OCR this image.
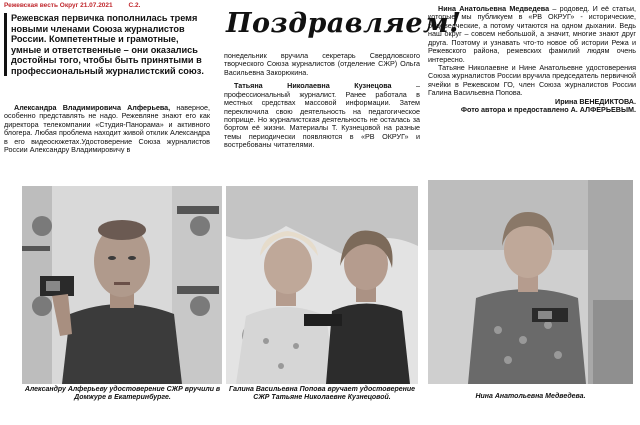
Режевская весть Округ 21.07.2021 С.2.
Режевская первичка пополнилась тремя новыми членами Союза журналистов России. Компетентные и грамотные, умные и ответственные – они оказались достойны того, чтобы быть принятыми в профессиональный журналистский союз.
Поздравляем!

Александра Владимировича Алферьева, наверное, особенно представлять не надо. Режевляне знают его как директора телекомпании «Студия-Панорама» и активного блогера. Любая проблема находит живой отклик Александра в его видеосюжетах.Удостоверение Союза журналистов России Александру Владимировичу в

понедельник вручила секретарь Свердловского творческого Союза журналистов (отделение СЖР) Ольга Васильевна Закорюкина.

Татьяна Николаевна Кузнецова – профессиональный журналист. Ранее работала в местных средствах массовой информации. Затем переключила свою деятельность на педагогическое поприще. Но журналистская деятельность не осталась за бортом её жизни. Материалы Т. Кузнецовой на разные темы периодически появляются в «РВ ОКРУГ» и востребованы читателями.

Нина Анатольевна Медведева – родовед. И её статьи, которые мы публикуем в «РВ ОКРУГ» - исторические, родоведческие, а потому читаются на одном дыхании. Ведь наш округ – совсем небольшой, а значит, многие знают друг друга. Поэтому и узнавать что-то новое об истории Режа и Режевского района, режевских фамилий людям очень интересно.

Татьяне Николаевне и Нине Анатольевне удостоверения Союза журналистов России вручила председатель первичной ячейки в Режевском ГО, член Союза журналистов России Галина Васильевна Попова.

Ирина ВЕНЕДИКТОВА.

Фото автора и предоставлено А. АЛФЕРЬЕВЫМ.

Александру Алферьеву удостоверение СЖР вручили в Домжуре в Екатеринбурге.
Галина Васильевна Попова вручает удостоверение СЖР Татьяне Николаевне Кузнецовой.	Нина Анатольевна Медведева.
